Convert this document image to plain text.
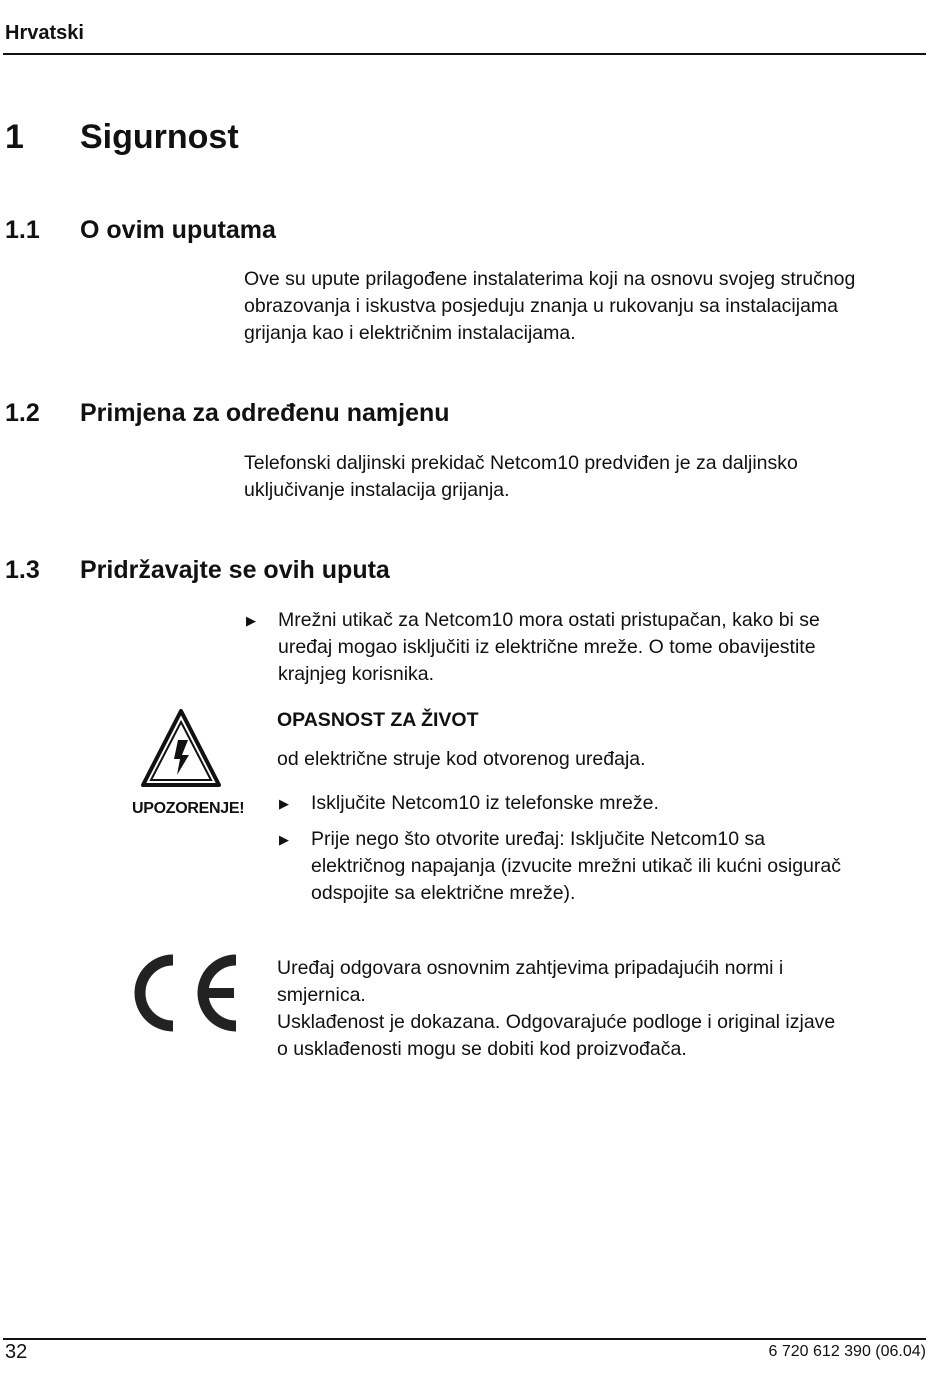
Hrvatski
1 Sigurnost
1.1 O ovim uputama
Ove su upute prilagođene instalaterima koji na osnovu svojeg stručnog
obrazovanja i iskustva posjeduju znanja u rukovanju sa instalacijama
grijanja kao i električnim instalacijama.
1.2 Primjena za određenu namjenu
Telefonski daljinski prekidač Netcom10 predviđen je za daljinsko
uključivanje instalacija grijanja.
1.3 Pridržavajte se ovih uputa
▶ Mrežni utikač za Netcom10 mora ostati pristupačan, kako bi se
uređaj mogao isključiti iz električne mreže. O tome obavijestite
krajnjeg korisnika.
UPOZORENJE!
OPASNOST ZA ŽIVOT
od električne struje kod otvorenog uređaja.
▶ Isključite Netcom10 iz telefonske mreže.
▶ Prije nego što otvorite uređaj: Isključite Netcom10 sa
električnog napajanja (izvucite mrežni utikač ili kućni osigurač
odspojite sa električne mreže).
Uređaj odgovara osnovnim zahtjevima pripadajućih normi i
smjernica.
Usklađenost je dokazana. Odgovarajuće podloge i original izjave
o usklađenosti mogu se dobiti kod proizvođača.
32	6 720 612 390 (06.04)
